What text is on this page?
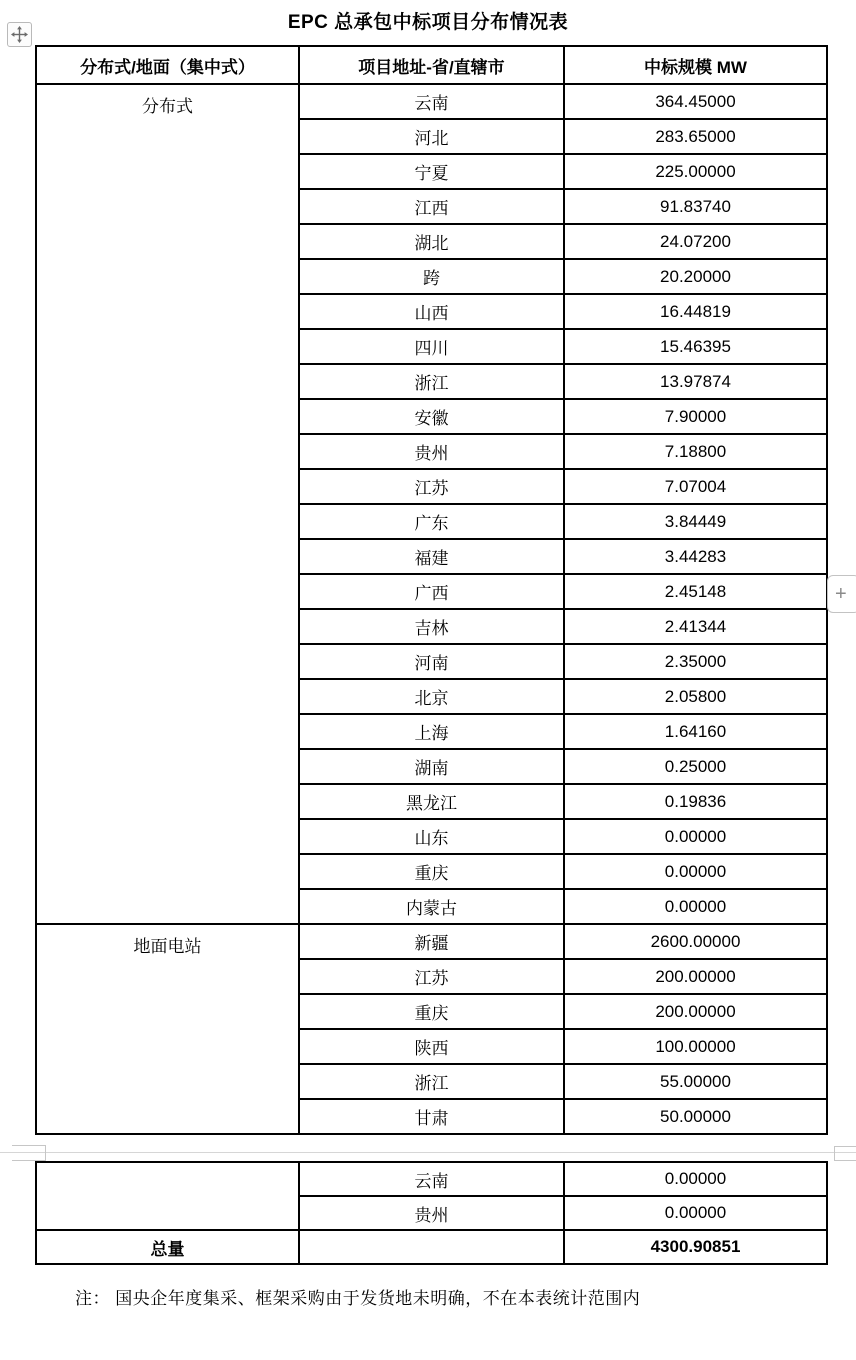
EPC 总承包中标项目分布情况表
分布式/地面（集中式）	项目地址-省/直辖市	中标规模 MW
分布式	云南	364.45000
	河北	283.65000
	宁夏	225.00000
	江西	91.83740
	湖北	24.07200
	跨	20.20000
	山西	16.44819
	四川	15.46395
	浙江	13.97874
	安徽	7.90000
	贵州	7.18800
	江苏	7.07004
	广东	3.84449
	福建	3.44283
	广西	2.45148
	吉林	2.41344
	河南	2.35000
	北京	2.05800
	上海	1.64160
	湖南	0.25000
	黑龙江	0.19836
	山东	0.00000
	重庆	0.00000
	内蒙古	0.00000
地面电站	新疆	2600.00000
	江苏	200.00000
	重庆	200.00000
	陕西	100.00000
	浙江	55.00000
	甘肃	50.00000
+
	云南	0.00000
	贵州	0.00000
总量		4300.90851
注： 国央企年度集采、框架采购由于发货地未明确，不在本表统计范围内
